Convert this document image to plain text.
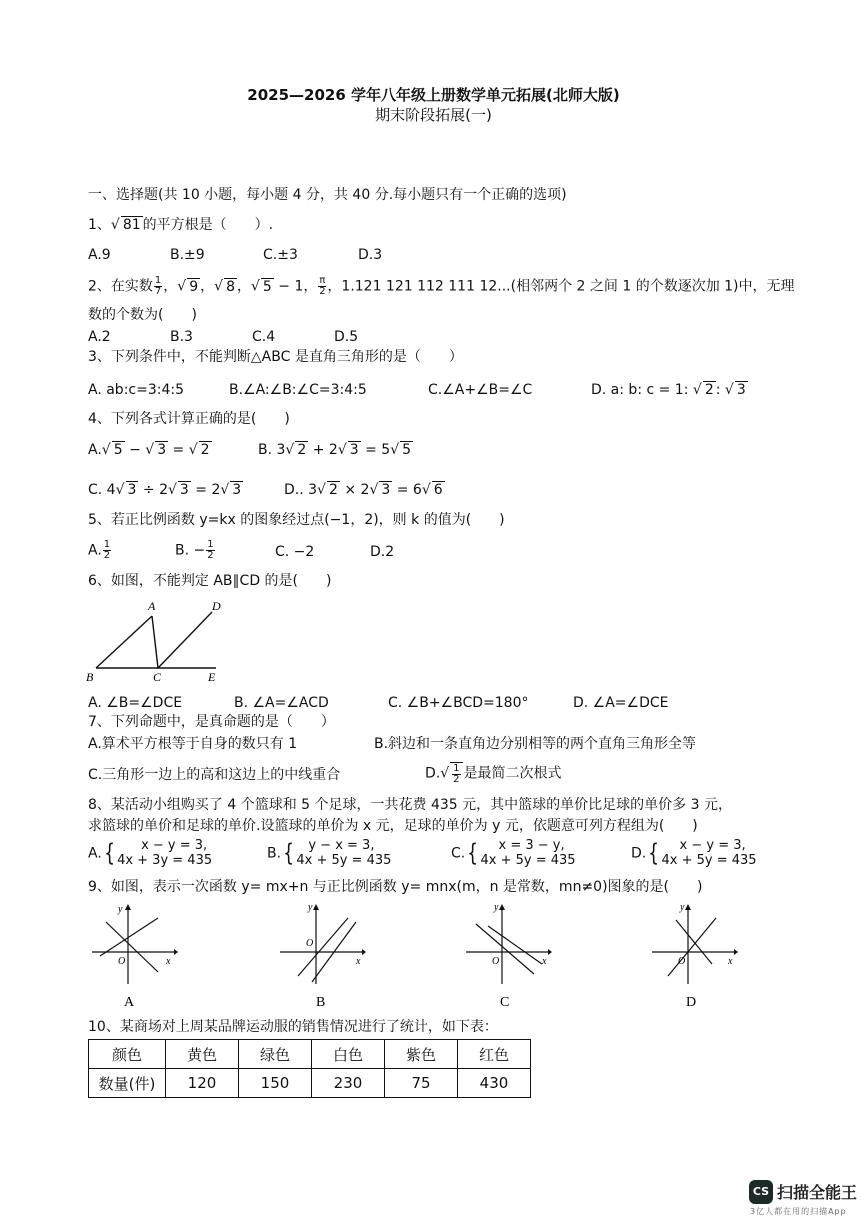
2025—2026 学年八年级上册数学单元拓展(北师大版)
期末阶段拓展(一)
一、选择题(共 10 小题，每小题 4 分，共 40 分.每小题只有一个正确的选项)
1、√ 81 的平方根是（　　）.
A.9	B.±9	C.±3	D.3
2、在实数 $\frac{1}{7}$ ，√ 9 ，√ 8 ，√ 5 − 1， $\frac{\pi}{2}$ ，1.121 121 112 111 12...(相邻两个 2 之间 1 的个数逐次加 1)中，无理
数的个数为(　　)
A.2	B.3	C.4	D.5
3、下列条件中，不能判断△ABC 是直角三角形的是（　　）
A. ab:c=3:4:5	B.∠A:∠B:∠C=3:4:5	C.∠A+∠B=∠C	D. a: b: c = 1: √ 2 : √ 3
4、下列各式计算正确的是(　　)
A.√ 5 − √ 3 = √ 2	B. 3√ 2 + 2√ 3 = 5√ 5
C. 4√ 3 ÷ 2√ 3 = 2√ 3	D.. 3√ 2 × 2√ 3 = 6√ 6
5、若正比例函数 y=kx 的图象经过点(−1，2)，则 k 的值为(　　)
A. $\frac{1}{2}$	B. − $\frac{1}{2}$	C. −2	D.2
6、如图，不能判定 AB∥CD 的是(　　)
A	D
B	C	E
A. ∠B=∠DCE	B. ∠A=∠ACD	C. ∠B+∠BCD=180°	D. ∠A=∠DCE
7、下列命题中，是真命题的是（　　）
A.算术平方根等于自身的数只有 1	B.斜边和一条直角边分别相等的两个直角三角形全等
C.三角形一边上的高和这边上的中线重合	$D.√ \frac{1}{2}$ 是最简二次根式
8、某活动小组购买了 4 个篮球和 5 个足球，一共花费 435 元，其中篮球的单价比足球的单价多 3 元，
求篮球的单价和足球的单价.设篮球的单价为 x 元，足球的单价为 y 元，依题意可列方程组为(　　)
A.{	x − y = 3,
4x + 3y = 435	B.{	y − x = 3,
4x + 5y = 435	C.{	x = 3 − y,
4x + 5y = 435	D.{	x − y = 3,
4x + 5y = 435
9、如图，表示一次函数 y= mx+n 与正比例函数 y= mnx(m，n 是常数，mn≠0)图象的是(　　)
y
x
O
A
y
x
O
B
y
x
O
C
y
x
O
D
10、某商场对上周某品牌运动服的销售情况进行了统计，如下表：
颜色	黄色	绿色	白色	紫色	红色
数量(件)	120	150	230	75	430
CS 扫描全能王
3亿人都在用的扫描App
